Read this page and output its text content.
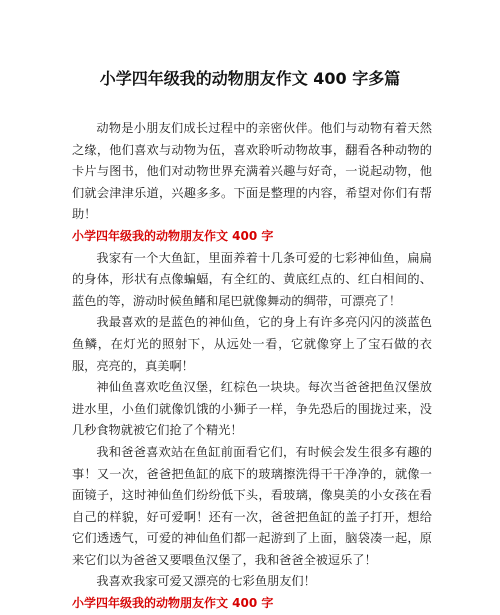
小学四年级我的动物朋友作文 400 字多篇

动物是小朋友们成长过程中的亲密伙伴。他们与动物有着天然之缘，他们喜欢与动物为伍，喜欢聆听动物故事，翻看各种动物的卡片与图书，他们对动物世界充满着兴趣与好奇，一说起动物，他们就会津津乐道，兴趣多多。下面是整理的内容，希望对你们有帮助！

小学四年级我的动物朋友作文 400 字

我家有一个大鱼缸，里面养着十几条可爱的七彩神仙鱼，扁扁的身体，形状有点像蝙蝠，有全红的、黄底红点的、红白相间的、蓝色的等，游动时候鱼鳍和尾巴就像舞动的绸带，可漂亮了！

我最喜欢的是蓝色的神仙鱼，它的身上有许多亮闪闪的淡蓝色鱼鳞，在灯光的照射下，从远处一看，它就像穿上了宝石做的衣服，亮亮的，真美啊！

神仙鱼喜欢吃鱼汉堡，红棕色一块块。每次当爸爸把鱼汉堡放进水里，小鱼们就像饥饿的小狮子一样，争先恐后的围拢过来，没几秒食物就被它们抢了个精光！

我和爸爸喜欢站在鱼缸前面看它们，有时候会发生很多有趣的事！又一次，爸爸把鱼缸的底下的玻璃擦洗得干干净净的，就像一面镜子，这时神仙鱼们纷纷低下头，看玻璃，像臭美的小女孩在看自己的样貌，好可爱啊！还有一次，爸爸把鱼缸的盖子打开，想给它们透透气，可爱的神仙鱼们都一起游到了上面，脑袋凑一起，原来它们以为爸爸又要喂鱼汉堡了，我和爸爸全被逗乐了！

我喜欢我家可爱又漂亮的七彩鱼朋友们！

小学四年级我的动物朋友作文 400 字
